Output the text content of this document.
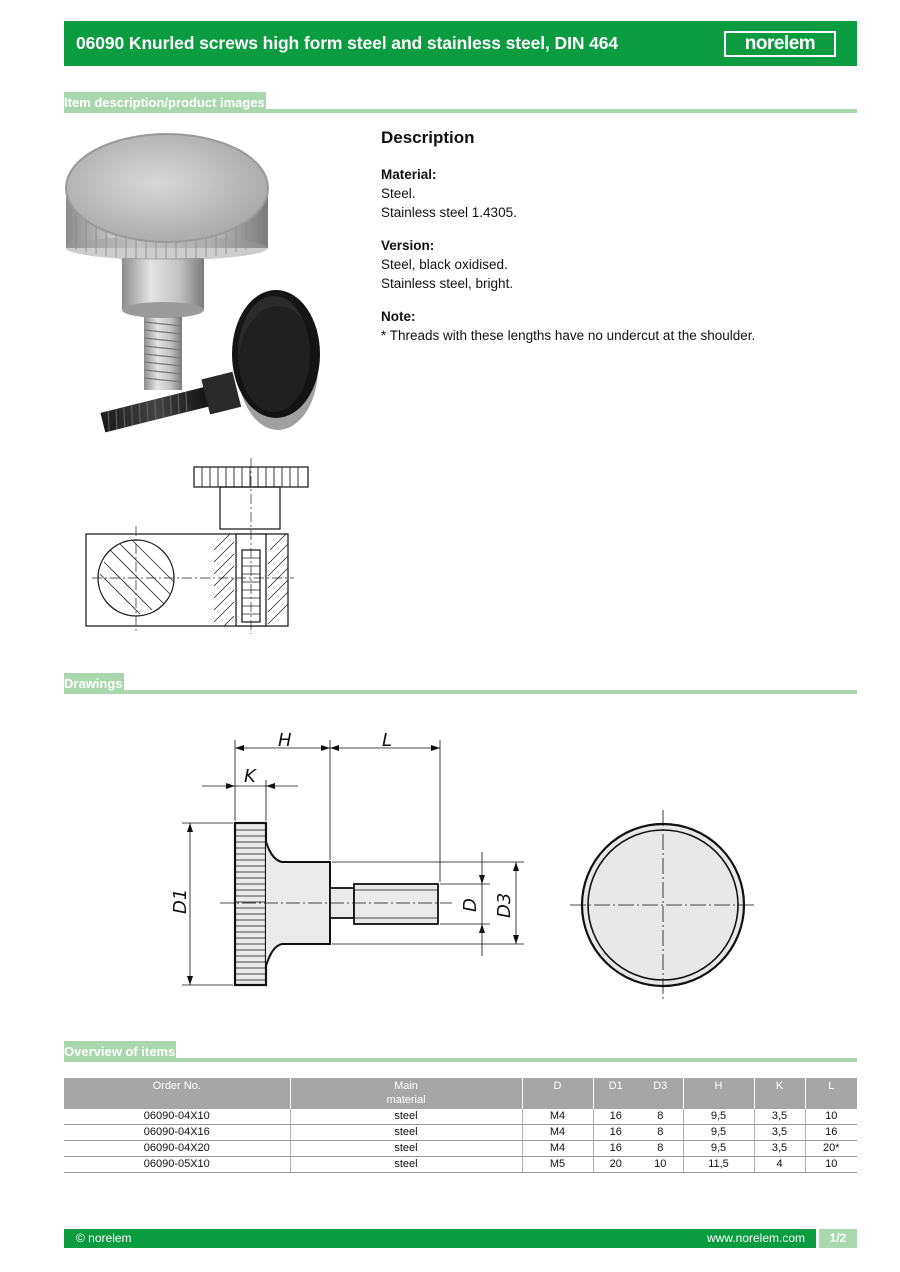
06090 Knurled screws high form steel and stainless steel, DIN 464	norelem
Item description/product images
Description
Material:
Steel.
Stainless steel 1.4305.
Version:
Steel, black oxidised.
Stainless steel, bright.
Note:
* Threads with these lengths have no undercut at the shoulder.
Drawings
H	L
K
D1	D D3
Overview of items
Order No.	Main
material	D	D1	D3	H	K	L
06090-04X10	steel	M4	16	8	9,5	3,5	10
06090-04X16	steel	M4	16	8	9,5	3,5	16
06090-04X20	steel	M4	16	8	9,5	3,5	20*
06090-05X10	steel	M5	20	10	11,5	4	10
© norelem	www.norelem.com	1/2
